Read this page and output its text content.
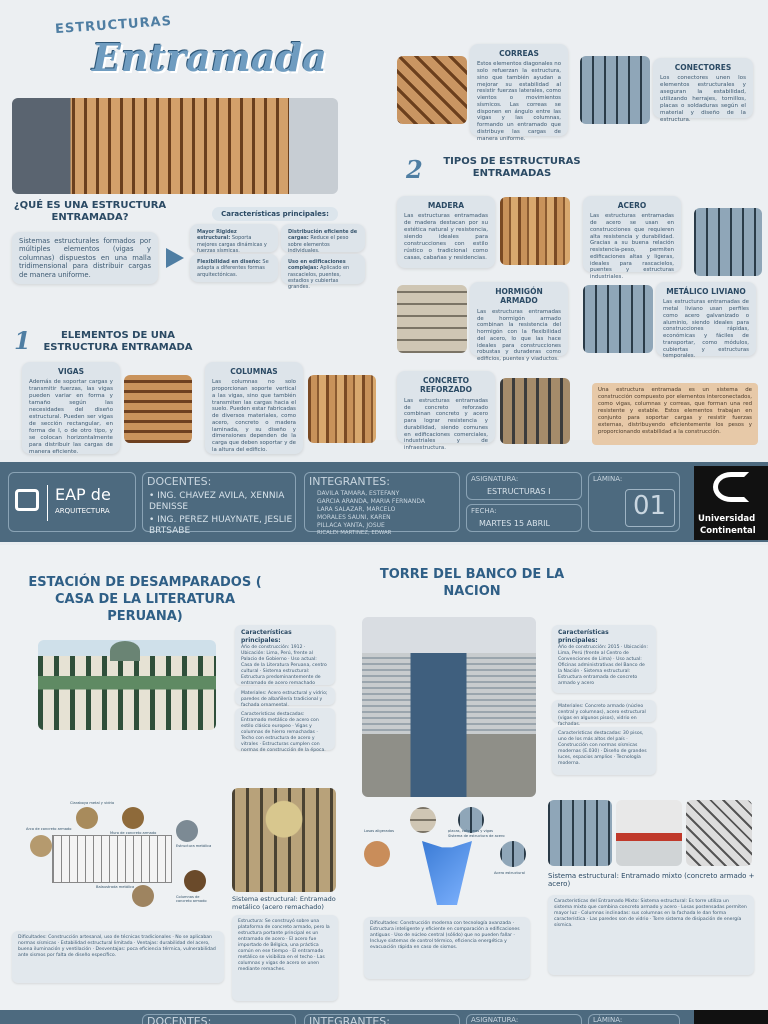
ESTRUCTURAS
Entramada
¿QUÉ ES UNA ESTRUCTURA ENTRAMADA?

Sistemas estructurales formados por múltiples elementos (vigas y columnas) dispuestos en una malla tridimensional para distribuir cargas de manera uniforme.

Características principales:
Mayor Rigidez estructural: Soporta mejores cargas dinámicas y fuerzas sísmicas.
Distribución eficiente de cargas: Reduce el peso sobre elementos individuales.
Flexibilidad en diseño: Se adapta a diferentes formas arquitectónicas.
Uso en edificaciones complejas: Aplicado en rascacielos, puentes, estadios y cubiertas grandes.
1	ELEMENTOS DE UNA ESTRUCTURA ENTRAMADA
VIGAS

Además de soportar cargas y transmitir fuerzas, las vigas pueden variar en forma y tamaño según las necesidades del diseño estructural. Pueden ser vigas de sección rectangular, en forma de I, o de otro tipo, y se colocan horizontalmente para distribuir las cargas de manera eficiente.

COLUMNAS

Las columnas no solo proporcionan soporte vertical a las vigas, sino que también transmiten las cargas hacia el suelo. Pueden estar fabricadas de diversos materiales, como acero, concreto o madera laminada, y su diseño y dimensiones dependen de la carga que deben soportar y de la altura del edificio.

CORREAS

Estos elementos diagonales no solo refuerzan la estructura, sino que también ayudan a mejorar su estabilidad al resistir fuerzas laterales, como vientos o movimientos sísmicos. Las correas se disponen en ángulo entre las vigas y las columnas, formando un entramado que distribuye las cargas de manera uniforme.

CONECTORES

Los conectores unen los elementos estructurales y aseguran la estabilidad, utilizando herrajes, tornillos, placas o soldaduras según el material y diseño de la estructura.

2	TIPOS DE ESTRUCTURAS ENTRAMADAS
MADERA

Las estructuras entramadas de madera destacan por su estética natural y resistencia, siendo ideales para construcciones con estilo rústico o tradicional como casas, cabañas y residencias.

ACERO

Las estructuras entramadas de acero se usan en construcciones que requieren alta resistencia y durabilidad. Gracias a su buena relación resistencia-peso, permiten edificaciones altas y ligeras, ideales para rascacielos, puentes y estructuras industriales.

HORMIGÓN ARMADO

Las estructuras entramadas de hormigón armado combinan la resistencia del hormigón con la flexibilidad del acero, lo que las hace ideales para construcciones robustas y duraderas como edificios, puentes y viaductos.

METÁLICO LIVIANO

Las estructuras entramadas de metal liviano usan perfiles como acero galvanizado o aluminio, siendo ideales para construcciones rápidas, económicas y fáciles de transportar, como módulos, cubiertas y estructuras temporales.

CONCRETO REFORZADO

Las estructuras entramadas de concreto reforzado combinan concreto y acero para lograr resistencia y durabilidad, siendo comunes en edificaciones comerciales, industriales y de infraestructura.

Una estructura entramada es un sistema de construcción compuesto por elementos interconectados, como vigas, columnas y correas, que forman una red resistente y estable. Estos elementos trabajan en conjunto para soportar cargas y resistir fuerzas externas, distribuyendo eficientemente los pesos y proporcionando estabilidad a la construcción.
EAP de
ARQUITECTURA
DOCENTES:
• ING. CHAVEZ AVILA, XENNIA DENISSE
• ING. PEREZ HUAYNATE, JESLIE BRTSABE
INTEGRANTES:
DAVILA TAMARA, ESTEFANY
GARCIA ARANDA, MARIA FERNANDA
LARA SALAZAR, MARCELO
MORALES SAUNI, KAREN
PILLACA YANTA, JOSUE
RICALDI MARTINEZ, EDWAR
ASIGNATURA:
ESTRUCTURAS I
FECHA:
MARTES 15 ABRIL
LÁMINA:
01	Universidad
Continental
ESTACIÓN DE DESAMPARADOS ( CASA DE LA LITERATURA PERUANA)
TORRE DEL BANCO DE LA NACION
Características principales:
Año de construcción: 1912 · Ubicación: Lima, Perú, frente al Palacio de Gobierno · Uso actual: Casa de la Literatura Peruana, centro cultural · Sistema estructural: Estructura predominantemente de entramado de acero remachado
Materiales: Acero estructural y vidrio; paredes de albañilería tradicional y fachada ornamental.
Características destacadas: Entramado metálico de acero con estilo clásico europeo · Vigas y columnas de hierro remachadas · Techo con estructura de acero y vitrales · Estructuras cumplen con normas de construcción de la época.
Claraboya metal y vidrio
Arco de concreto armado
Muro de concreto armado
Estructura metálica
Balaustrada metálica
Columnas de concreto armado	Sistema estructural: Entramado metálico (acero remachado)
Estructura: Se construyó sobre una plataforma de concreto armado, pero la estructura portante principal es un entramado de acero · El acero fue importado de Bélgica, una práctica común en ese tiempo · El entramado metálico se visibiliza en el techo · Las columnas y vigas de acero se unen mediante remaches.
Dificultades: Construcción artesanal, uso de técnicas tradicionales · No se aplicaban normas sísmicas · Estabilidad estructural limitada · Ventajas: durabilidad del acero, buena iluminación y ventilación · Desventajas: poca eficiencia térmica, vulnerabilidad ante sismos por falta de diseño específico.
Características principales:
Año de construcción: 2015 · Ubicación: Lima, Perú (frente al Centro de Convenciones de Lima) · Uso actual: Oficinas administrativas del Banco de la Nación · Sistema estructural: Estructura entramada de concreto armado y acero
Materiales: Concreto armado (núcleo central y columnas), acero estructural (vigas en algunos pisos), vidrio en fachadas.
Características destacadas: 30 pisos, uno de los más altos del país · Construcción con normas sísmicas modernas (E.030) · Diseño de grandes luces, espacios amplios · Tecnología moderna.
placas, columnas y vigas
Sistema de estructura de acero
Losas aligeradas
Acero estructural	Sistema estructural: Entramado mixto (concreto armado + acero)
Características del Entramado Mixto: Sistema estructural: Es torre utiliza un sistema mixto que combina concreto armado y acero · Losas postensadas permiten mayor luz · Columnas inclinadas: sus columnas en la fachada le dan forma característica · Las paredes son de vidrio · Torre sistema de disipación de energía sísmica.
Dificultades: Construcción moderna con tecnología avanzada · Estructura inteligente y eficiente en comparación a edificaciones antiguas · Uso de núcleo central (sólido) que no pueden fallar · Incluye sistemas de control térmico, eficiencia energética y evacuación rápida en caso de sismos.
DOCENTES:	INTEGRANTES:	ASIGNATURA:	LÁMINA:
